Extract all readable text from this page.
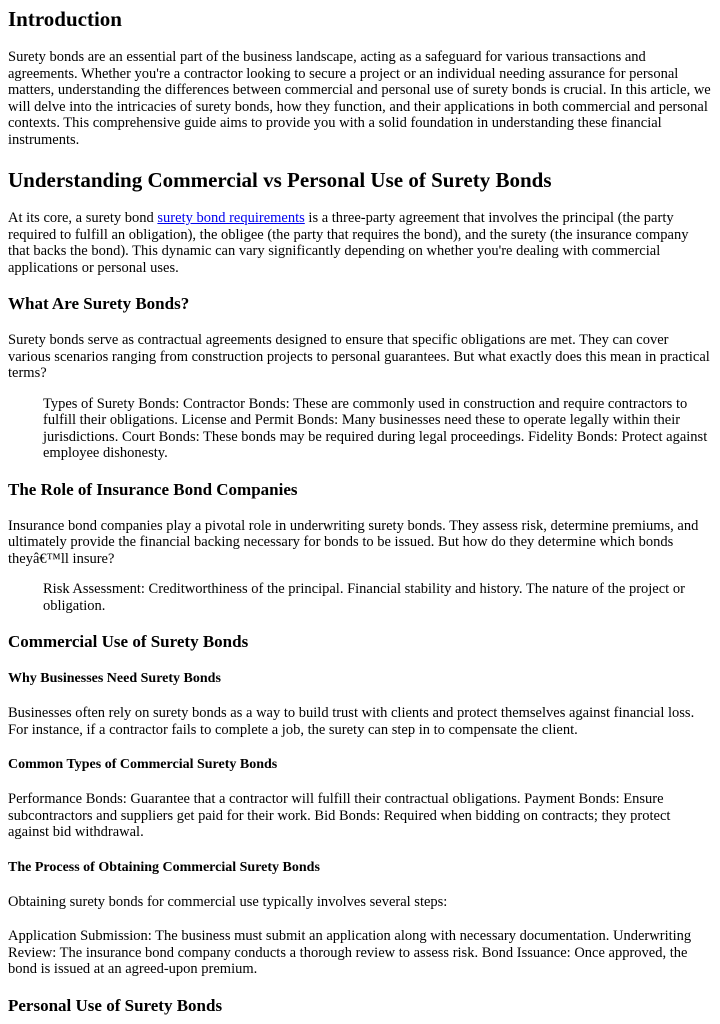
Introduction

Surety bonds are an essential part of the business landscape, acting as a safeguard for various transactions and agreements. Whether you're a contractor looking to secure a project or an individual needing assurance for personal matters, understanding the differences between commercial and personal use of surety bonds is crucial. In this article, we will delve into the intricacies of surety bonds, how they function, and their applications in both commercial and personal contexts. This comprehensive guide aims to provide you with a solid foundation in understanding these financial instruments.

Understanding Commercial vs Personal Use of Surety Bonds

At its core, a surety bond surety bond requirements is a three-party agreement that involves the principal (the party required to fulfill an obligation), the obligee (the party that requires the bond), and the surety (the insurance company that backs the bond). This dynamic can vary significantly depending on whether you're dealing with commercial applications or personal uses.

What Are Surety Bonds?

Surety bonds serve as contractual agreements designed to ensure that specific obligations are met. They can cover various scenarios ranging from construction projects to personal guarantees. But what exactly does this mean in practical terms?

Types of Surety Bonds: Contractor Bonds: These are commonly used in construction and require contractors to fulfill their obligations. License and Permit Bonds: Many businesses need these to operate legally within their jurisdictions. Court Bonds: These bonds may be required during legal proceedings. Fidelity Bonds: Protect against employee dishonesty.
The Role of Insurance Bond Companies

Insurance bond companies play a pivotal role in underwriting surety bonds. They assess risk, determine premiums, and ultimately provide the financial backing necessary for bonds to be issued. But how do they determine which bonds theyâ€™ll insure?

Risk Assessment: Creditworthiness of the principal. Financial stability and history. The nature of the project or obligation.
Commercial Use of Surety Bonds
Why Businesses Need Surety Bonds

Businesses often rely on surety bonds as a way to build trust with clients and protect themselves against financial loss. For instance, if a contractor fails to complete a job, the surety can step in to compensate the client.

Common Types of Commercial Surety Bonds

Performance Bonds: Guarantee that a contractor will fulfill their contractual obligations. Payment Bonds: Ensure subcontractors and suppliers get paid for their work. Bid Bonds: Required when bidding on contracts; they protect against bid withdrawal.

The Process of Obtaining Commercial Surety Bonds

Obtaining surety bonds for commercial use typically involves several steps:

Application Submission: The business must submit an application along with necessary documentation. Underwriting Review: The insurance bond company conducts a thorough review to assess risk. Bond Issuance: Once approved, the bond is issued at an agreed-upon premium.

Personal Use of Surety Bonds
